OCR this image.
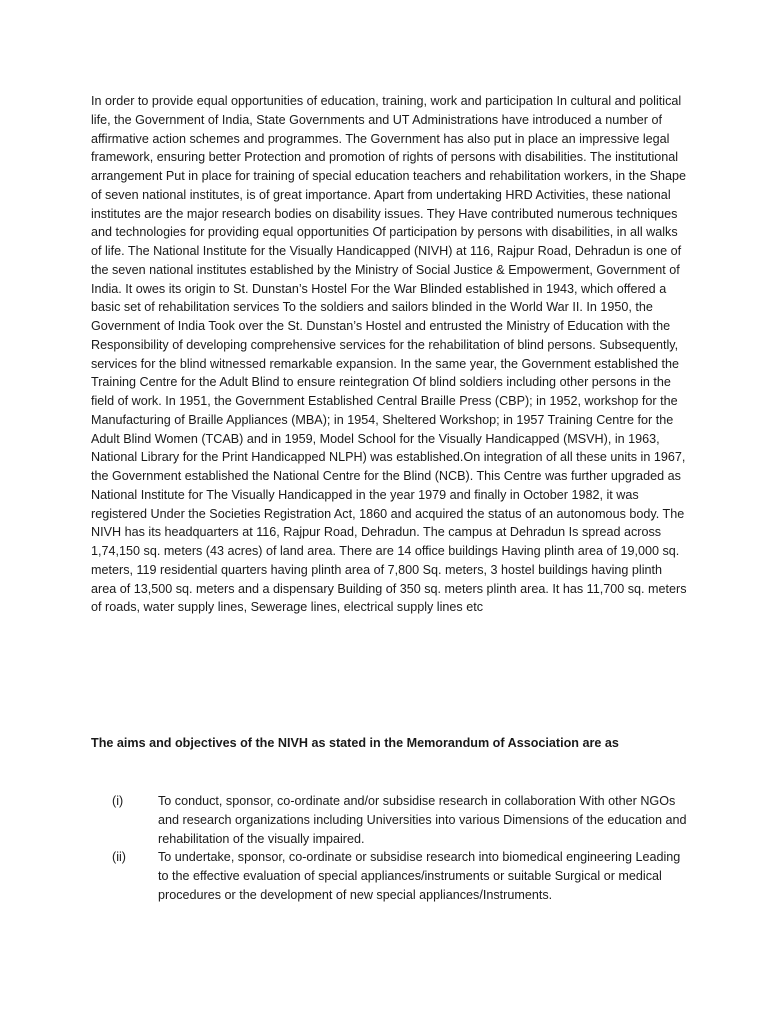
In order to provide equal opportunities of education, training, work and participation In cultural and political life, the Government of India, State Governments and UT Administrations have introduced a number of affirmative action schemes and programmes. The Government has also put in place an impressive legal framework, ensuring better Protection and promotion of rights of persons with disabilities. The institutional arrangement Put in place for training of special education teachers and rehabilitation workers, in the Shape of seven national institutes, is of great importance. Apart from undertaking HRD Activities, these national institutes are the major research bodies on disability issues. They Have contributed numerous techniques and technologies for providing equal opportunities Of participation by persons with disabilities, in all walks of life. The National Institute for the Visually Handicapped (NIVH) at 116, Rajpur Road, Dehradun is one of the seven national institutes established by the Ministry of Social Justice & Empowerment, Government of India. It owes its origin to St. Dunstan’s Hostel For the War Blinded established in 1943, which offered a basic set of rehabilitation services To the soldiers and sailors blinded in the World War II. In 1950, the Government of India Took over the St. Dunstan’s Hostel and entrusted the Ministry of Education with the Responsibility of developing comprehensive services for the rehabilitation of blind persons. Subsequently, services for the blind witnessed remarkable expansion. In the same year, the Government established the Training Centre for the Adult Blind to ensure reintegration Of blind soldiers including other persons in the field of work. In 1951, the Government Established Central Braille Press (CBP); in 1952, workshop for the Manufacturing of Braille Appliances (MBA); in 1954, Sheltered Workshop; in 1957 Training Centre for the Adult Blind Women (TCAB) and in 1959, Model School for the Visually Handicapped (MSVH), in 1963, National Library for the Print Handicapped NLPH) was established.On integration of all these units in 1967, the Government established the National Centre for the Blind (NCB). This Centre was further upgraded as National Institute for The Visually Handicapped in the year 1979 and finally in October 1982, it was registered Under the Societies Registration Act, 1860 and acquired the status of an autonomous body. The NIVH has its headquarters at 116, Rajpur Road, Dehradun. The campus at Dehradun Is spread across 1,74,150 sq. meters (43 acres) of land area. There are 14 office buildings Having plinth area of 19,000 sq. meters, 119 residential quarters having plinth area of 7,800 Sq. meters, 3 hostel buildings having plinth area of 13,500 sq. meters and a dispensary Building of 350 sq. meters plinth area. It has 11,700 sq. meters of roads, water supply lines, Sewerage lines, electrical supply lines etc

The aims and objectives of the NIVH as stated in the Memorandum of Association are as

(i)	To conduct, sponsor, co-ordinate and/or subsidise research in collaboration With other NGOs and research organizations including Universities into various Dimensions of the education and rehabilitation of the visually impaired.
(ii)	To undertake, sponsor, co-ordinate or subsidise research into biomedical engineering Leading to the effective evaluation of special appliances/instruments or suitable Surgical or medical procedures or the development of new special appliances/Instruments.
